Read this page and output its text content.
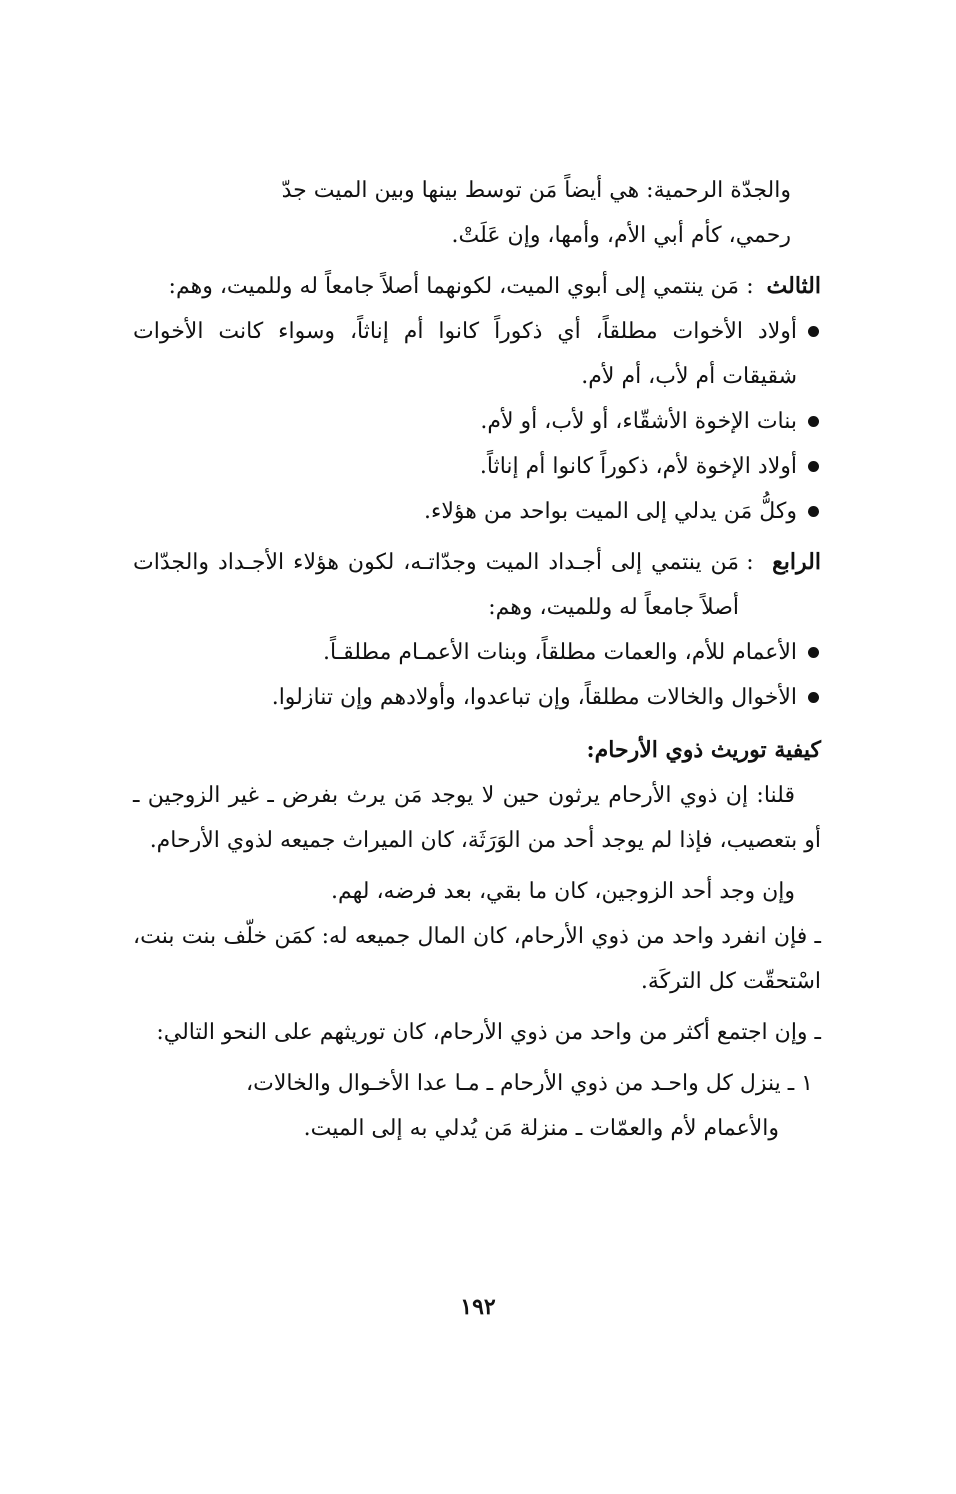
والجدّة الرحمية: هي أيضاً مَن توسط بينها وبين الميت جدّ

رحمي، كأم أبي الأم، وأمها، وإن عَلَتْ.

الثالث
:
مَن ينتمي إلى أبوي الميت، لكونهما أصلاً جامعاً له وللميت، وهم:
أولاد الأخوات مطلقاً، أي ذكوراً كانوا أم إناثاً، وسواء كانت الأخوات شقيقات أم لأب، أم لأم.
بنات الإخوة الأشقّاء، أو لأب، أو لأم.
أولاد الإخوة لأم، ذكوراً كانوا أم إناثاً.
وكلُّ مَن يدلي إلى الميت بواحد من هؤلاء.
الرابع
:
مَن ينتمي إلى أجـداد الميت وجدّاتـه، لكون هؤلاء الأجـداد والجدّات أصلاً جامعاً له وللميت، وهم:
الأعمام للأم، والعمات مطلقاً، وبنات الأعمـام مطلقـاً.
الأخوال والخالات مطلقاً، وإن تباعدوا، وأولادهم وإن تنازلوا.

كيفية توريث ذوي الأرحام:

قلنا: إن ذوي الأرحام يرثون حين لا يوجد مَن يرث بفرض ـ غير الزوجين ـ أو بتعصيب، فإذا لم يوجد أحد من الوَرَثَة، كان الميراث جميعه لذوي الأرحام.

وإن وجد أحد الزوجين، كان ما بقي، بعد فرضه، لهم.

ـ فإن انفرد واحد من ذوي الأرحام، كان المال جميعه له: كمَن خلّف بنت بنت، اسْتحقّت كل التركَة.

ـ وإن اجتمع أكثر من واحد من ذوي الأرحام، كان توريثهم على النحو التالي:

١ ـ ينزل كل واحـد من ذوي الأرحام ـ مـا عدا الأخـوال والخالات،
والأعمام لأم والعمّات ـ منزلة مَن يُدلي به إلى الميت.
١٩٢
